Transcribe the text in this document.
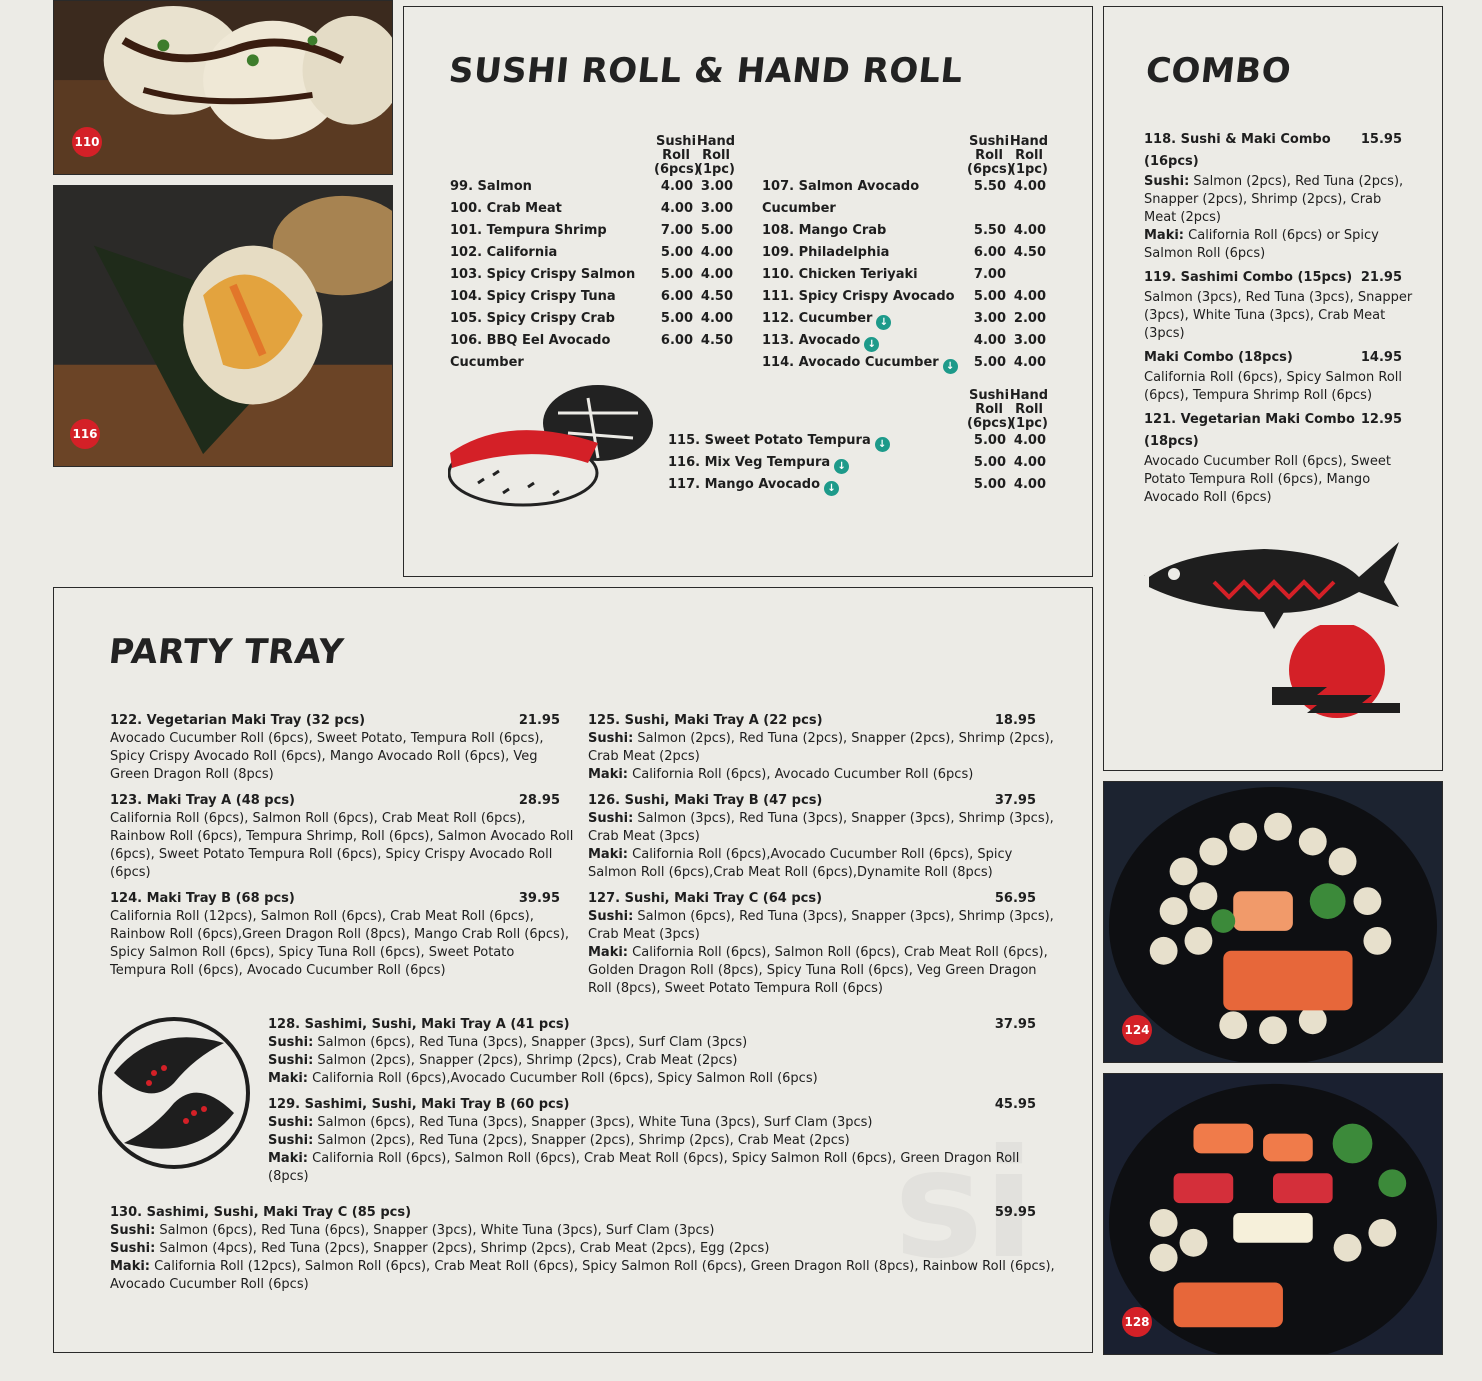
110
116
SUSHI ROLL & HAND ROLL
Sushi
Roll
(6pcs)
Hand
Roll
(1pc)
Sushi
Roll
(6pcs)
Hand
Roll
(1pc)
99. Salmon	4.00 3.00
100. Crab Meat	4.00 3.00
101. Tempura Shrimp	7.00 5.00
102. California	5.00 4.00
103. Spicy Crispy Salmon	5.00 4.00
104. Spicy Crispy Tuna	6.00 4.50
105. Spicy Crispy Crab	5.00 4.00
106. BBQ Eel Avocado	6.00 4.50
Cucumber
107. Salmon Avocado	5.50 4.00
Cucumber
108. Mango Crab	5.50 4.00
109. Philadelphia	6.00 4.50
110. Chicken Teriyaki	7.00
111. Spicy Crispy Avocado	5.00 4.00
112. Cucumber ↓	3.00 2.00
113. Avocado ↓	4.00 3.00
114. Avocado Cucumber ↓	5.00 4.00
Sushi
Roll
(6pcs)
Hand
Roll
(1pc)
115. Sweet Potato Tempura ↓	5.00 4.00
116. Mix Veg Tempura ↓	5.00 4.00
117. Mango Avocado ↓	5.00 4.00
COMBO
118. Sushi & Maki Combo	15.95
(16pcs)
Sushi: Salmon (2pcs), Red Tuna (2pcs),
Snapper (2pcs), Shrimp (2pcs), Crab
Meat (2pcs)
Maki: California Roll (6pcs) or Spicy
Salmon Roll (6pcs)
119. Sashimi Combo (15pcs) 21.95
Salmon (3pcs), Red Tuna (3pcs), Snapper
(3pcs), White Tuna (3pcs), Crab Meat
(3pcs)
Maki Combo (18pcs)	14.95
California Roll (6pcs), Spicy Salmon Roll
(6pcs), Tempura Shrimp Roll (6pcs)
121. Vegetarian Maki Combo 12.95
(18pcs)
Avocado Cucumber Roll (6pcs), Sweet
Potato Tempura Roll (6pcs), Mango
Avocado Roll (6pcs)
PARTY TRAY
122. Vegetarian Maki Tray (32 pcs)	21.95
Avocado Cucumber Roll (6pcs), Sweet Potato, Tempura Roll (6pcs),
Spicy Crispy Avocado Roll (6pcs), Mango Avocado Roll (6pcs), Veg
Green Dragon Roll (8pcs)
123. Maki Tray A (48 pcs)	28.95
California Roll (6pcs), Salmon Roll (6pcs), Crab Meat Roll (6pcs),
Rainbow Roll (6pcs), Tempura Shrimp, Roll (6pcs), Salmon Avocado Roll
(6pcs), Sweet Potato Tempura Roll (6pcs), Spicy Crispy Avocado Roll
(6pcs)
124. Maki Tray B (68 pcs)	39.95
California Roll (12pcs), Salmon Roll (6pcs), Crab Meat Roll (6pcs),
Rainbow Roll (6pcs),Green Dragon Roll (8pcs), Mango Crab Roll (6pcs),
Spicy Salmon Roll (6pcs), Spicy Tuna Roll (6pcs), Sweet Potato
Tempura Roll (6pcs), Avocado Cucumber Roll (6pcs)
125. Sushi, Maki Tray A (22 pcs)	18.95
Sushi: Salmon (2pcs), Red Tuna (2pcs), Snapper (2pcs), Shrimp (2pcs),
Crab Meat (2pcs)
Maki: California Roll (6pcs), Avocado Cucumber Roll (6pcs)
126. Sushi, Maki Tray B (47 pcs)	37.95
Sushi: Salmon (3pcs), Red Tuna (3pcs), Snapper (3pcs), Shrimp (3pcs),
Crab Meat (3pcs)
Maki: California Roll (6pcs),Avocado Cucumber Roll (6pcs), Spicy
Salmon Roll (6pcs),Crab Meat Roll (6pcs),Dynamite Roll (8pcs)
127. Sushi, Maki Tray C (64 pcs)	56.95
Sushi: Salmon (6pcs), Red Tuna (3pcs), Snapper (3pcs), Shrimp (3pcs),
Crab Meat (3pcs)
Maki: California Roll (6pcs), Salmon Roll (6pcs), Crab Meat Roll (6pcs),
Golden Dragon Roll (8pcs), Spicy Tuna Roll (6pcs), Veg Green Dragon
Roll (8pcs), Sweet Potato Tempura Roll (6pcs)
128. Sashimi, Sushi, Maki Tray A (41 pcs)	37.95
Sushi: Salmon (6pcs), Red Tuna (3pcs), Snapper (3pcs), Surf Clam (3pcs)
Sushi: Salmon (2pcs), Snapper (2pcs), Shrimp (2pcs), Crab Meat (2pcs)
Maki: California Roll (6pcs),Avocado Cucumber Roll (6pcs), Spicy Salmon Roll (6pcs)
129. Sashimi, Sushi, Maki Tray B (60 pcs)	45.95
Sushi: Salmon (6pcs), Red Tuna (3pcs), Snapper (3pcs), White Tuna (3pcs), Surf Clam (3pcs)
Sushi: Salmon (2pcs), Red Tuna (2pcs), Snapper (2pcs), Shrimp (2pcs), Crab Meat (2pcs)
Maki: California Roll (6pcs), Salmon Roll (6pcs), Crab Meat Roll (6pcs), Spicy Salmon Roll (6pcs), Green Dragon Roll
(8pcs)
130. Sashimi, Sushi, Maki Tray C (85 pcs)	59.95
Sushi: Salmon (6pcs), Red Tuna (6pcs), Snapper (3pcs), White Tuna (3pcs), Surf Clam (3pcs)
Sushi: Salmon (4pcs), Red Tuna (2pcs), Snapper (2pcs), Shrimp (2pcs), Crab Meat (2pcs), Egg (2pcs)
Maki: California Roll (12pcs), Salmon Roll (6pcs), Crab Meat Roll (6pcs), Spicy Salmon Roll (6pcs), Green Dragon Roll (8pcs), Rainbow Roll (6pcs),
Avocado Cucumber Roll (6pcs)
124
128
